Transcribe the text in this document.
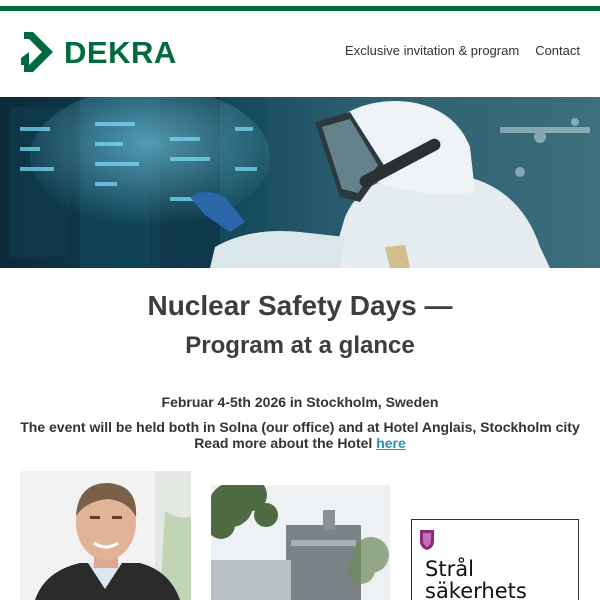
DEKRA	Exclusive invitation & program Contact
Nuclear Safety Days —
Program at a glance
Februar 4-5th 2026 in Stockholm, Sweden
The event will be held both in Solna (our office) and at Hotel Anglais, Stockholm city
Read more about the Hotel here
Strål
säkerhets
